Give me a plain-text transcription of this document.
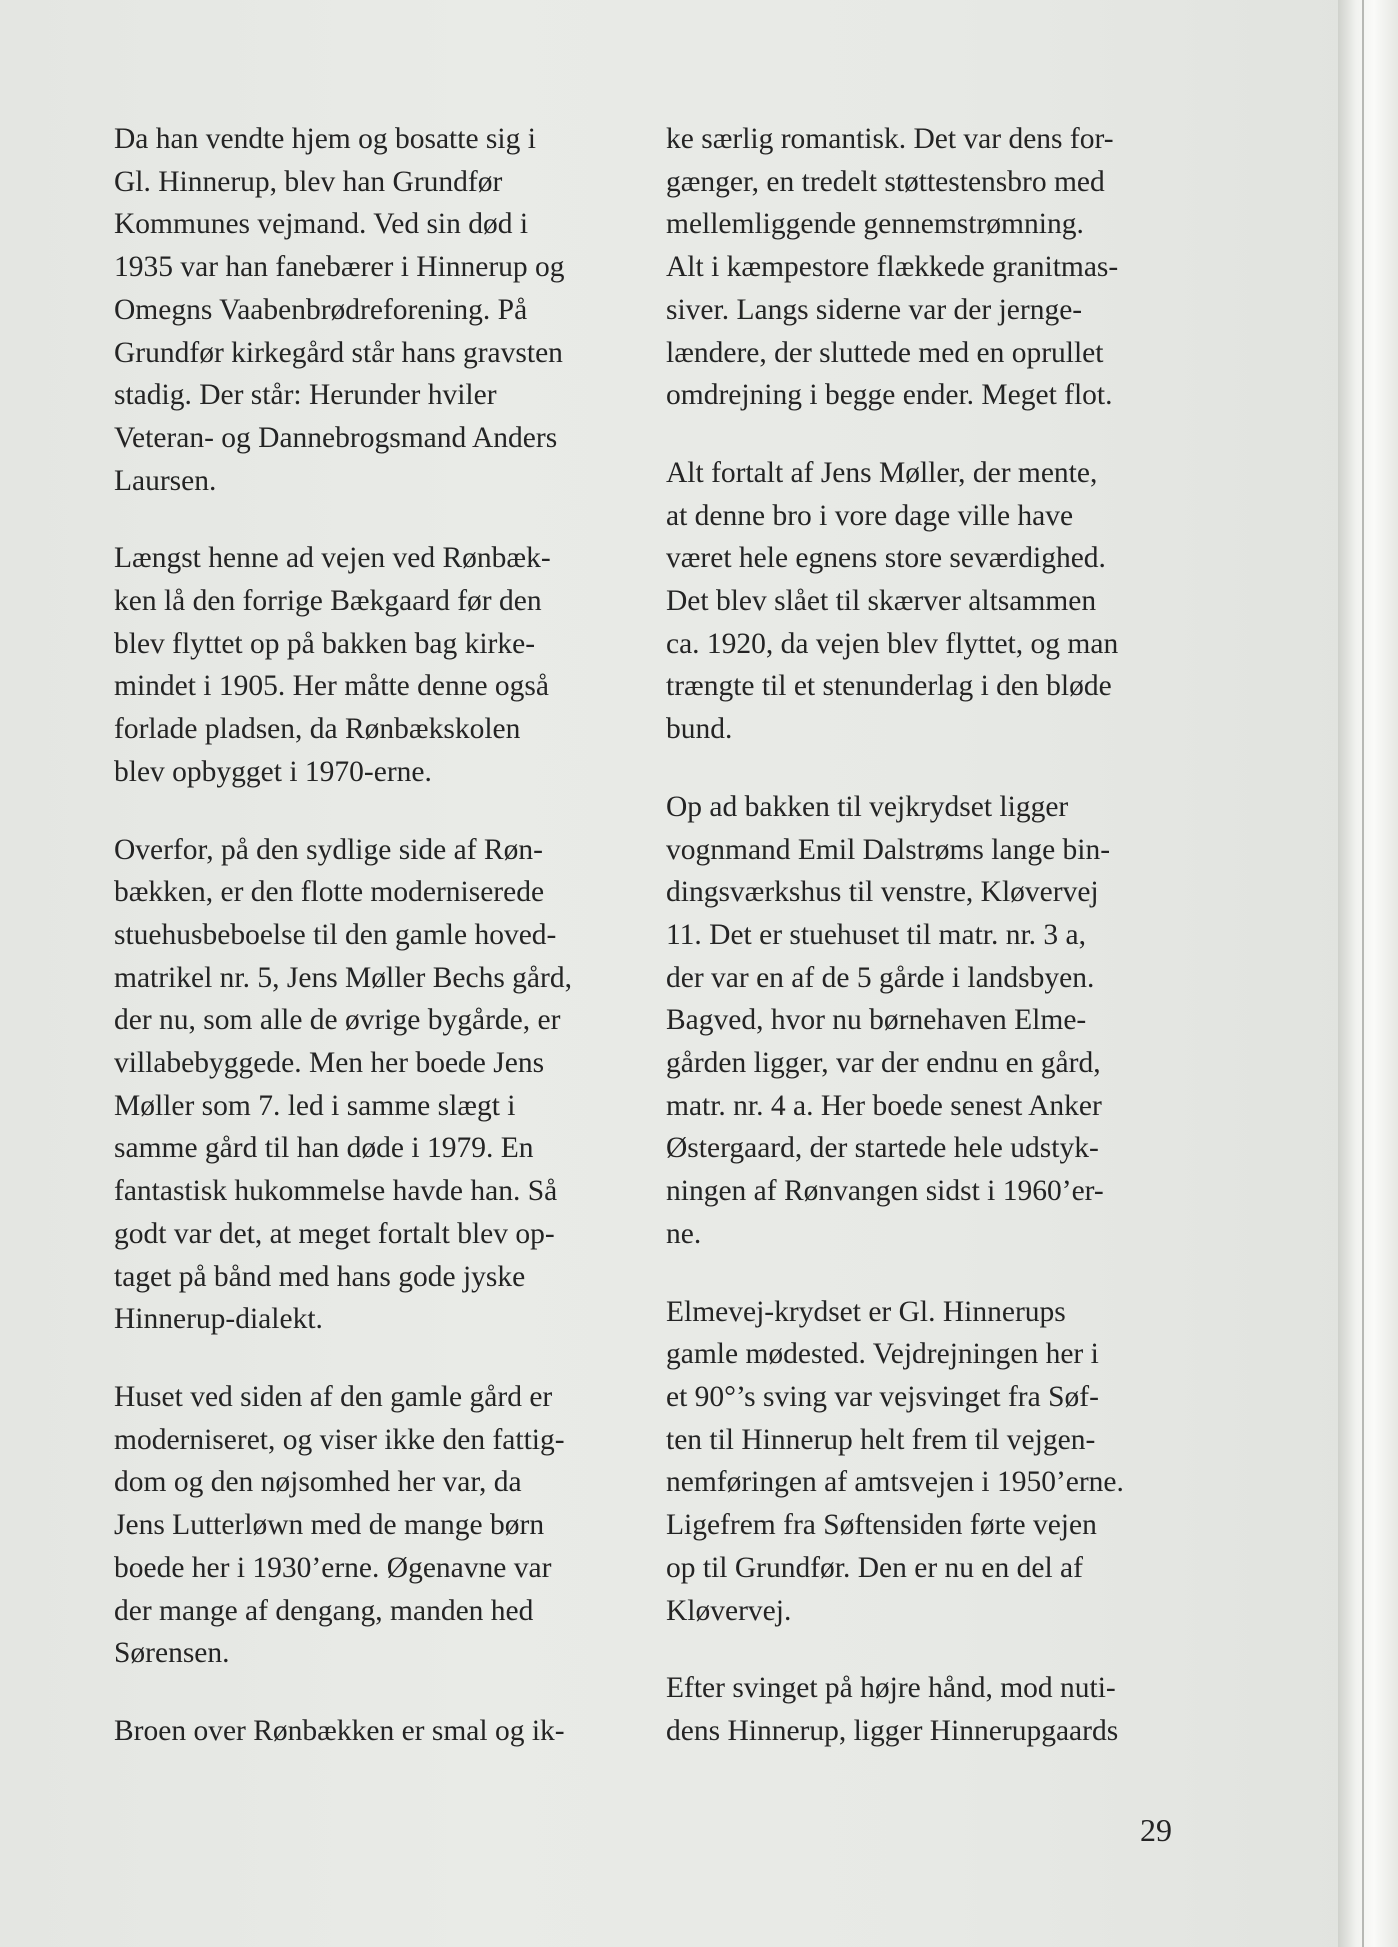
Da han vendte hjem og bosatte sig i
Gl. Hinnerup, blev han Grundfør
Kommunes vejmand. Ved sin død i
1935 var han fanebærer i Hinnerup og
Omegns Vaabenbrødreforening. På
Grundfør kirkegård står hans gravsten
stadig. Der står: Herunder hviler
Veteran- og Dannebrogsmand Anders
Laursen.
Længst henne ad vejen ved Rønbæk-
ken lå den forrige Bækgaard før den
blev flyttet op på bakken bag kirke-
mindet i 1905. Her måtte denne også
forlade pladsen, da Rønbækskolen
blev opbygget i 1970-erne.
Overfor, på den sydlige side af Røn-
bækken, er den flotte moderniserede
stuehusbeboelse til den gamle hoved-
matrikel nr. 5, Jens Møller Bechs gård,
der nu, som alle de øvrige bygårde, er
villabebyggede. Men her boede Jens
Møller som 7. led i samme slægt i
samme gård til han døde i 1979. En
fantastisk hukommelse havde han. Så
godt var det, at meget fortalt blev op-
taget på bånd med hans gode jyske
Hinnerup-dialekt.
Huset ved siden af den gamle gård er
moderniseret, og viser ikke den fattig-
dom og den nøjsomhed her var, da
Jens Lutterløwn med de mange børn
boede her i 1930’erne. Øgenavne var
der mange af dengang, manden hed
Sørensen.
Broen over Rønbækken er smal og ik-
ke særlig romantisk. Det var dens for-
gænger, en tredelt støttestensbro med
mellemliggende gennemstrømning.
Alt i kæmpestore flækkede granitmas-
siver. Langs siderne var der jernge-
lændere, der sluttede med en oprullet
omdrejning i begge ender. Meget flot.
Alt fortalt af Jens Møller, der mente,
at denne bro i vore dage ville have
været hele egnens store seværdighed.
Det blev slået til skærver altsammen
ca. 1920, da vejen blev flyttet, og man
trængte til et stenunderlag i den bløde
bund.
Op ad bakken til vejkrydset ligger
vognmand Emil Dalstrøms lange bin-
dingsværkshus til venstre, Kløvervej
11. Det er stuehuset til matr. nr. 3 a,
der var en af de 5 gårde i landsbyen.
Bagved, hvor nu børnehaven Elme-
gården ligger, var der endnu en gård,
matr. nr. 4 a. Her boede senest Anker
Østergaard, der startede hele udstyk-
ningen af Rønvangen sidst i 1960’er-
ne.
Elmevej-krydset er Gl. Hinnerups
gamle mødested. Vejdrejningen her i
et 90°’s sving var vejsvinget fra Søf-
ten til Hinnerup helt frem til vejgen-
nemføringen af amtsvejen i 1950’erne.
Ligefrem fra Søftensiden førte vejen
op til Grundfør. Den er nu en del af
Kløvervej.
Efter svinget på højre hånd, mod nuti-
dens Hinnerup, ligger Hinnerupgaards
29
